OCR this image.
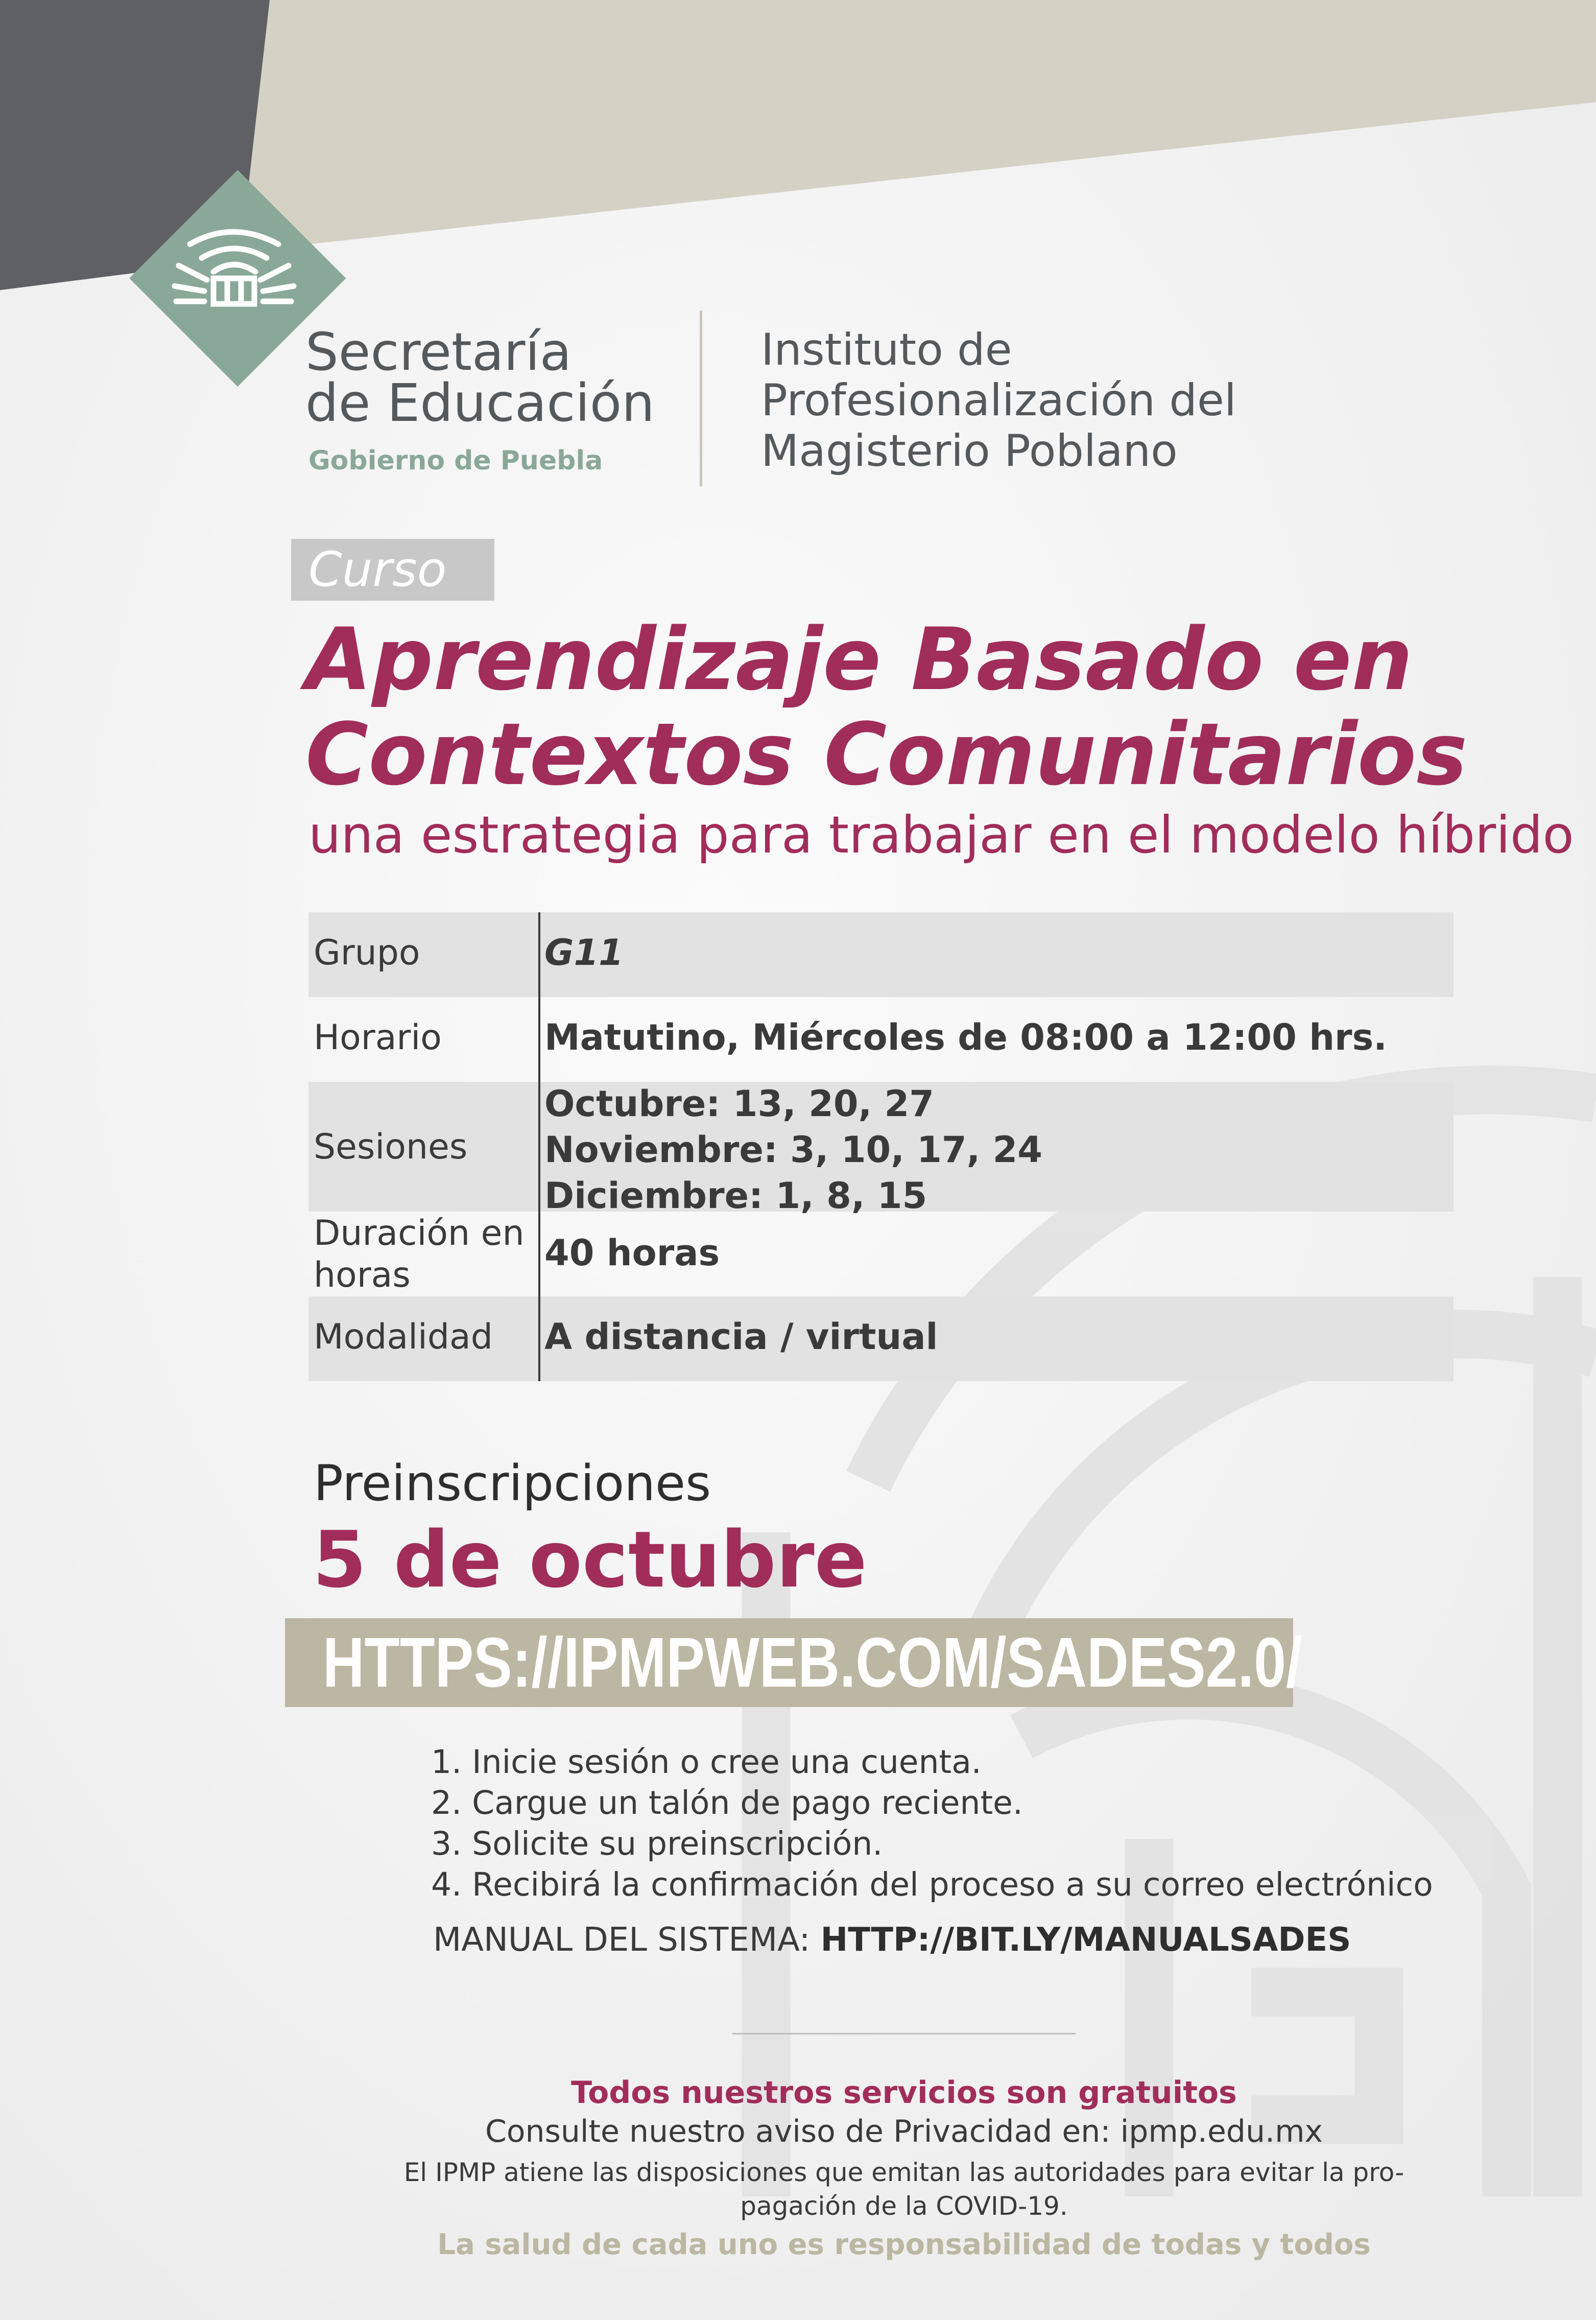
Secretaría
de Educación
Gobierno de Puebla
Instituto de
Profesionalización del
Magisterio Poblano
Curso
Aprendizaje Basado en
Contextos Comunitarios
una estrategia para trabajar en el modelo híbrido
Grupo	G11
Horario	Matutino, Miércoles de 08:00 a 12:00 hrs.
Sesiones
Octubre: 13, 20, 27
Noviembre: 3, 10, 17, 24
Diciembre: 1, 8, 15
Duración en
horas
40 horas
Modalidad A distancia / virtual
Preinscripciones
5 de octubre
HTTPS://IPMPWEB.COM/SADES2.0/
1. Inicie sesión o cree una cuenta.
2. Cargue un talón de pago reciente.
3. Solicite su preinscripción.
4. Recibirá la confirmación del proceso a su correo electrónico
MANUAL DEL SISTEMA: HTTP://BIT.LY/MANUALSADES
Todos nuestros servicios son gratuitos
Consulte nuestro aviso de Privacidad en: ipmp.edu.mx
El IPMP atiene las disposiciones que emitan las autoridades para evitar la pro-
pagación de la COVID-19.
La salud de cada uno es responsabilidad de todas y todos
